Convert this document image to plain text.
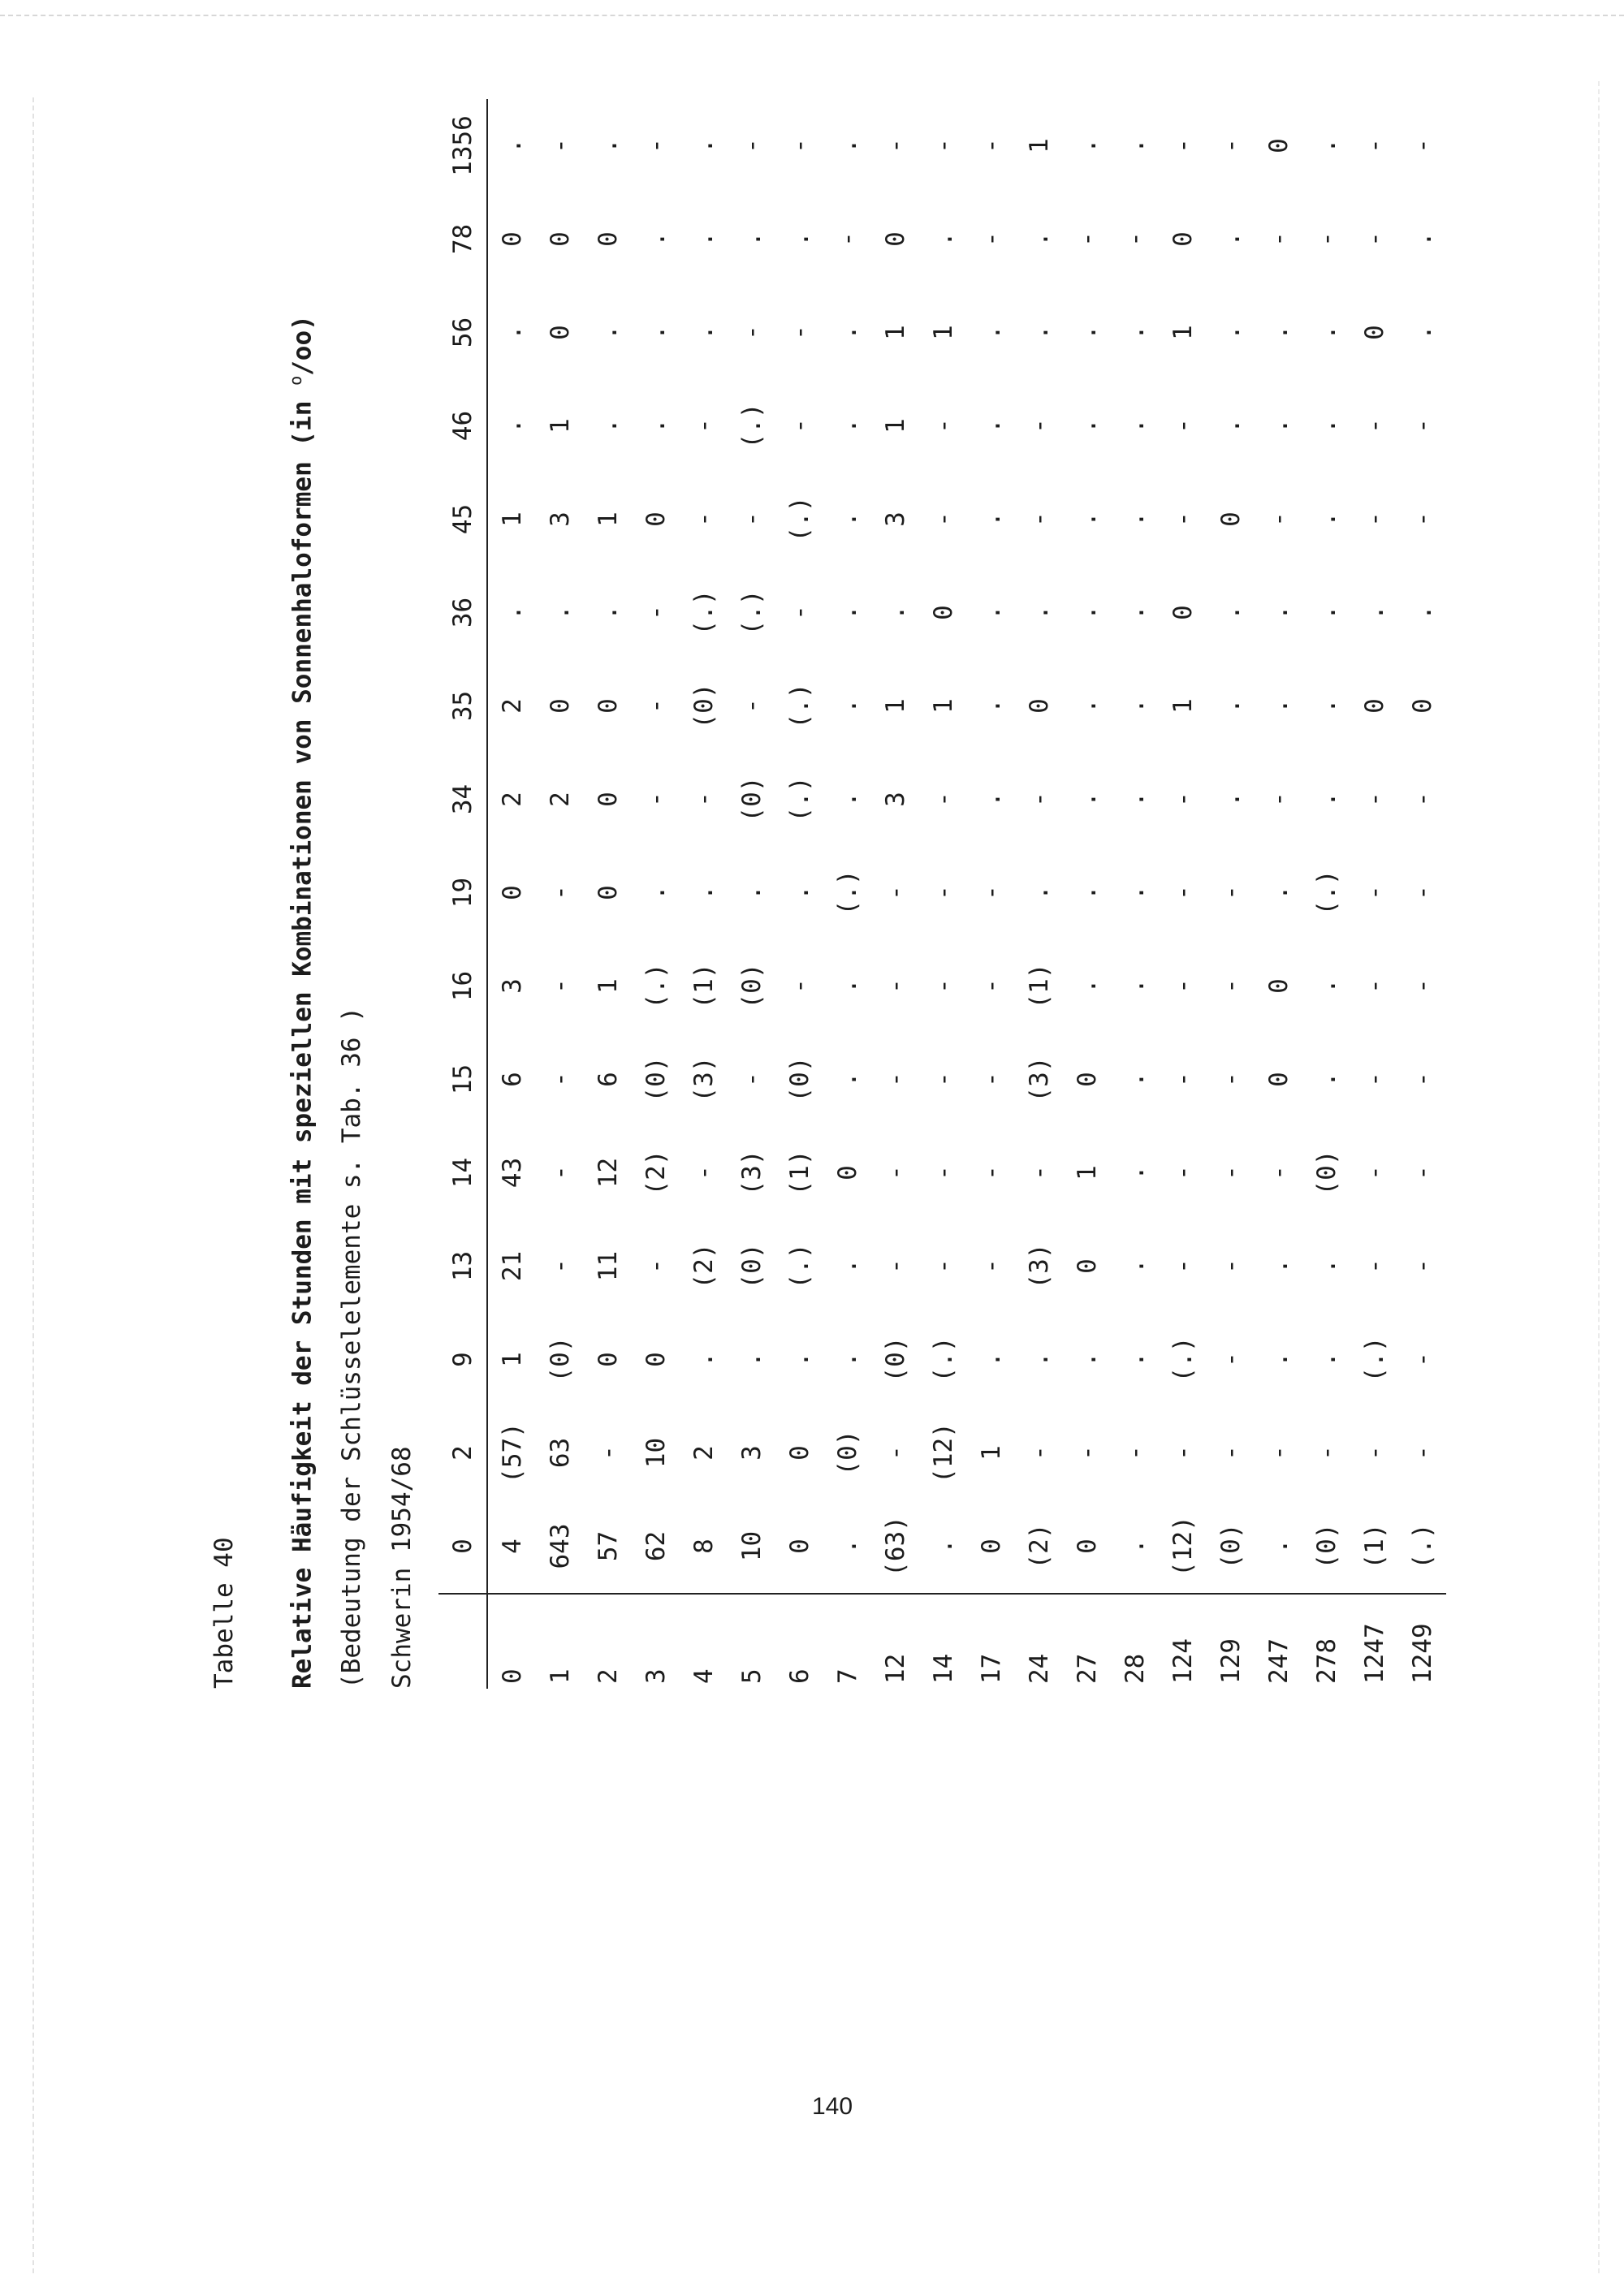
Tabelle 40 Relative Häufigkeit der Stunden mit speziellen Kombinationen von Sonnenhaloformen (in $^o$/oo)
(Bedeutung der Schlüsselelemente s. Tab. 36 ) Schwerin 1954/68
	0	2	9	13	14	15	16	19	34	35	36	45	46	56	78	1356
0	4	(57)	1	21	43	6	3	0	2	2	.	1	.	.	0	.
1	643	63	(0)	-	-	-	-	-	2	0	.	3	1	0	0	-
2	57	-	0	11	12	6	1	0	0	0	.	1	.	.	0	.
3	62	10	0	-	(2)	(0)	(.)	.	-	-	-	0	.	.	.	-
4	8	2	.	(2)	-	(3)	(1)	.	-	(0)	(.)	-	-	.	.	.
5	10	3	.	(0)	(3)	-	(0)	.	(0)	-	(.)	-	(.)	-	.	-
6	0	0	.	(.)	(1)	(0)	-	.	(.)	(.)	-	(.)	-	-	.	-
7	.	(0)	.	.	0	.	.	(.)	.	.	.	.	.	.	-	.
12	(63)	-	(0)	-	-	-	-	-	3	1	.	3	1	1	0	-
14	.	(12)	(.)	-	-	-	-	-	-	1	0	-	-	1	.	-
17	0	1	.	-	-	-	-	-	.	.	.	.	.	.	-	-
24	(2)	-	.	(3)	-	(3)	(1)	.	-	0	.	-	-	.	.	1
27	0	-	.	0	1	0	.	.	.	.	.	.	.	.	-	.
28	.	-	.	.	.	.	.	.	.	.	.	.	.	.	-	.
124	(12)	-	(.)	-	-	-	-	-	-	1	0	-	-	1	0	-
129	(0)	-	-	-	-	-	-	-	.	.	.	0	.	.	.	-
247	.	-	.	.	-	0	0	.	-	.	.	-	.	.	-	0
278	(0)	-	.	.	(0)	.	.	(.)	.	.	.	.	.	.	-	.
1247	(1)	-	(.)	-	-	-	-	-	-	0	.	-	-	0	-	-
1249	(.)	-	-	-	-	-	-	-	-	0	.	-	-	.	.	-
140
